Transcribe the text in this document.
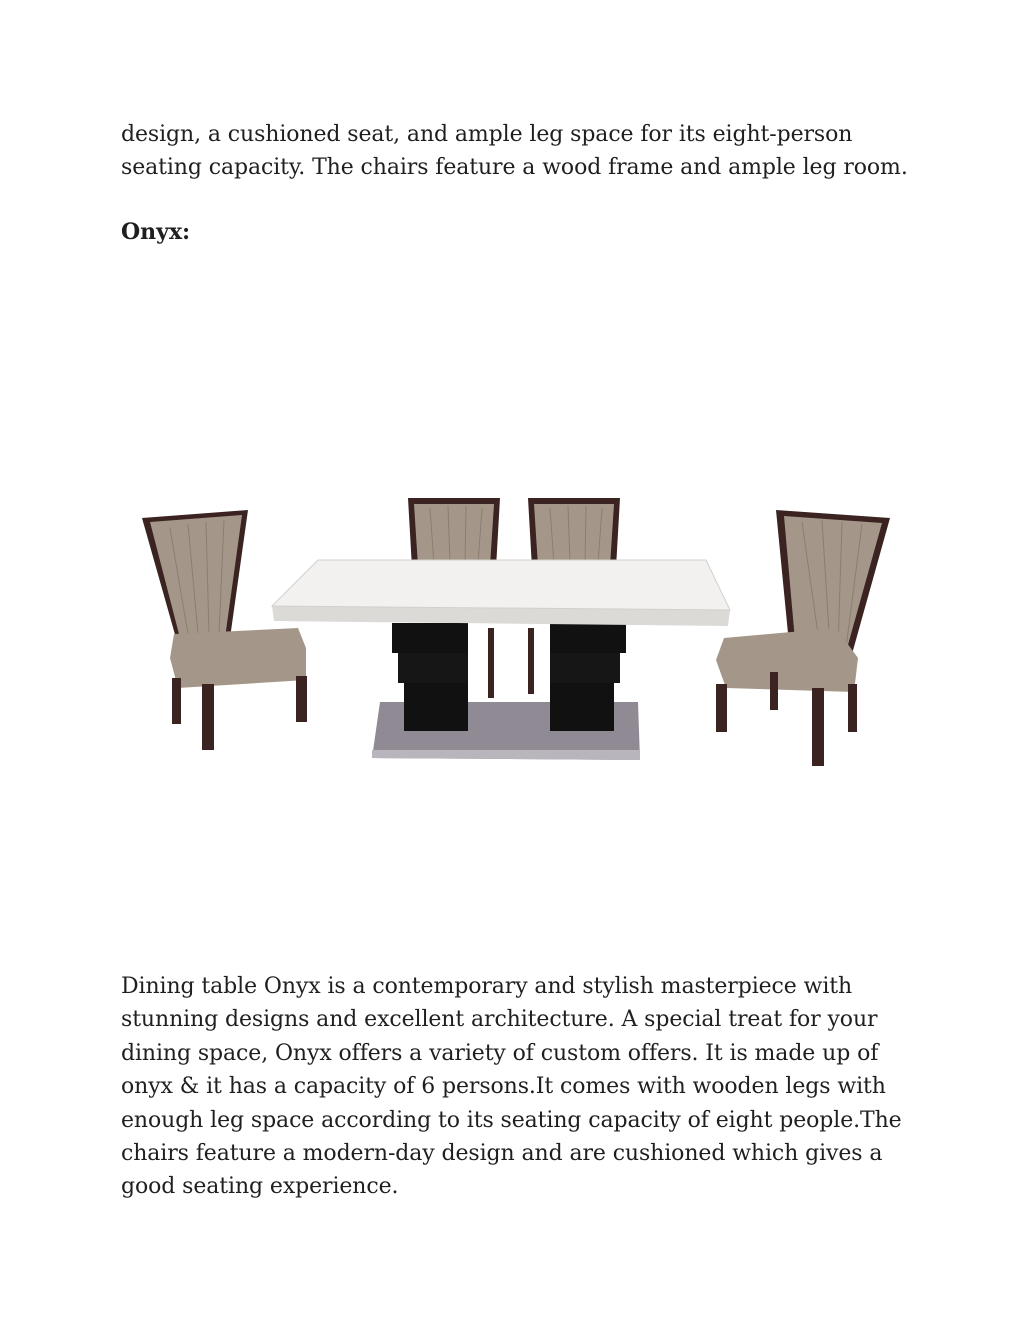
design, a cushioned seat, and ample leg space for its eight-person seating capacity. The chairs feature a wood frame and ample leg room.

Onyx:

Dining table Onyx is a contemporary and stylish masterpiece with stunning designs and excellent architecture. A special treat for your dining space, Onyx offers a variety of custom offers. It is made up of onyx & it has a capacity of 6 persons.It comes with wooden legs with enough leg space according to its seating capacity of eight people.The chairs feature a modern-day design and are cushioned which gives a good seating experience.
